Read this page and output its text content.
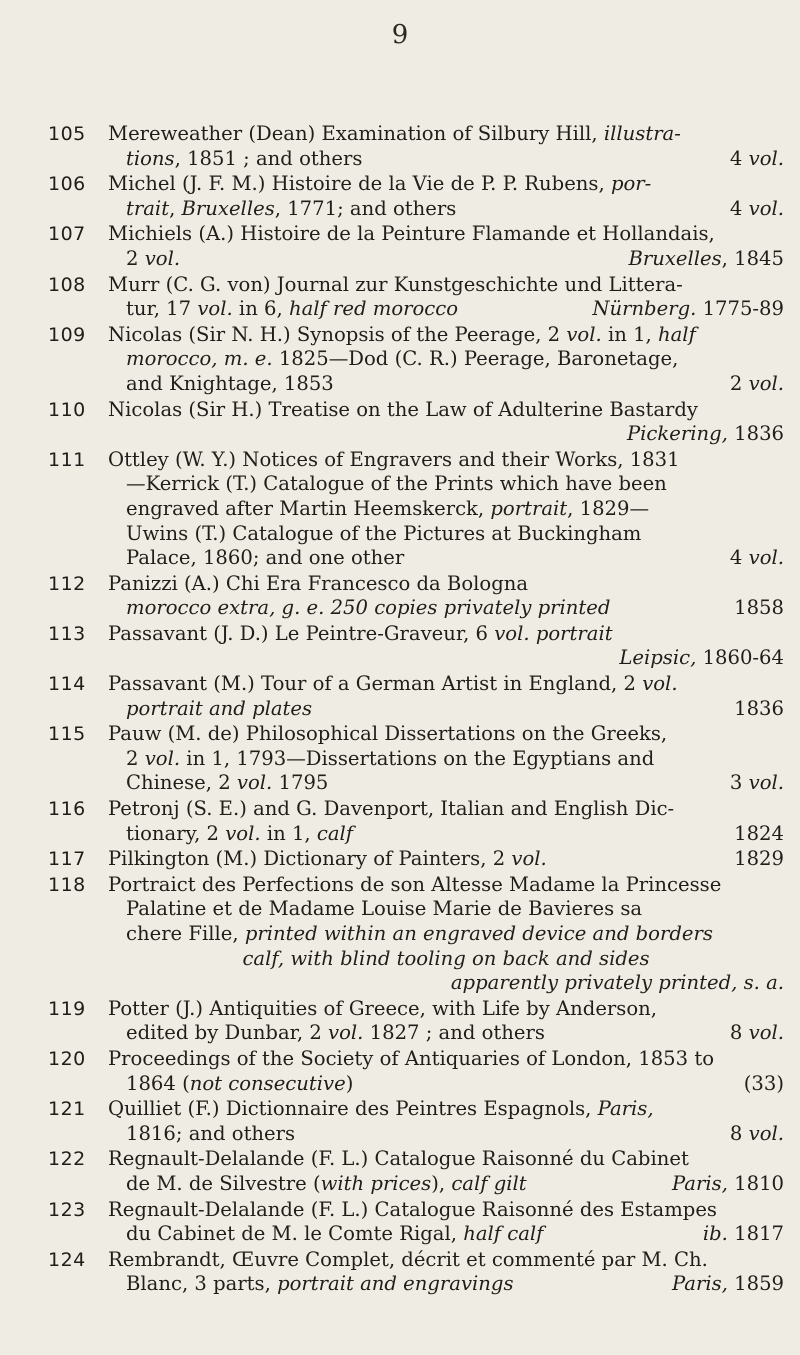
9
105	Mereweather (Dean) Examination of Silbury Hill, illustra-
tions, 1851 ; and others	4 vol.
106	Michel (J. F. M.) Histoire de la Vie de P. P. Rubens, por-
trait, Bruxelles, 1771; and others	4 vol.
107	Michiels (A.) Histoire de la Peinture Flamande et Hollandais,
2 vol.	Bruxelles, 1845
108	Murr (C. G. von) Journal zur Kunstgeschichte und Littera-
tur, 17 vol. in 6, half red morocco	Nürnberg. 1775-89
109	Nicolas (Sir N. H.) Synopsis of the Peerage, 2 vol. in 1, half
morocco, m. e. 1825—Dod (C. R.) Peerage, Baronetage,
and Knightage, 1853	2 vol.
110	Nicolas (Sir H.) Treatise on the Law of Adulterine Bastardy
Pickering, 1836
111	Ottley (W. Y.) Notices of Engravers and their Works, 1831
—Kerrick (T.) Catalogue of the Prints which have been
engraved after Martin Heemskerck, portrait, 1829—
Uwins (T.) Catalogue of the Pictures at Buckingham
Palace, 1860; and one other	4 vol.
112	Panizzi (A.) Chi Era Francesco da Bologna
morocco extra, g. e. 250 copies privately printed	1858
113	Passavant (J. D.) Le Peintre-Graveur, 6 vol. portrait
Leipsic, 1860-64
114	Passavant (M.) Tour of a German Artist in England, 2 vol.
portrait and plates	1836
115	Pauw (M. de) Philosophical Dissertations on the Greeks,
2 vol. in 1, 1793—Dissertations on the Egyptians and
Chinese, 2 vol. 1795	3 vol.
116	Petronj (S. E.) and G. Davenport, Italian and English Dic-
tionary, 2 vol. in 1, calf	1824
117	Pilkington (M.) Dictionary of Painters, 2 vol.	1829
118	Portraict des Perfections de son Altesse Madame la Princesse
Palatine et de Madame Louise Marie de Bavieres sa
chere Fille, printed within an engraved device and borders
calf, with blind tooling on back and sides
apparently privately printed, s. a.
119	Potter (J.) Antiquities of Greece, with Life by Anderson,
edited by Dunbar, 2 vol. 1827 ; and others	8 vol.
120	Proceedings of the Society of Antiquaries of London, 1853 to
1864 (not consecutive)	(33)
121	Quilliet (F.) Dictionnaire des Peintres Espagnols, Paris,
1816; and others	8 vol.
122	Regnault-Delalande (F. L.) Catalogue Raisonné du Cabinet
de M. de Silvestre (with prices), calf gilt	Paris, 1810
123	Regnault-Delalande (F. L.) Catalogue Raisonné des Estampes
du Cabinet de M. le Comte Rigal, half calf	ib. 1817
124	Rembrandt, Œuvre Complet, décrit et commenté par M. Ch.
Blanc, 3 parts, portrait and engravings	Paris, 1859
